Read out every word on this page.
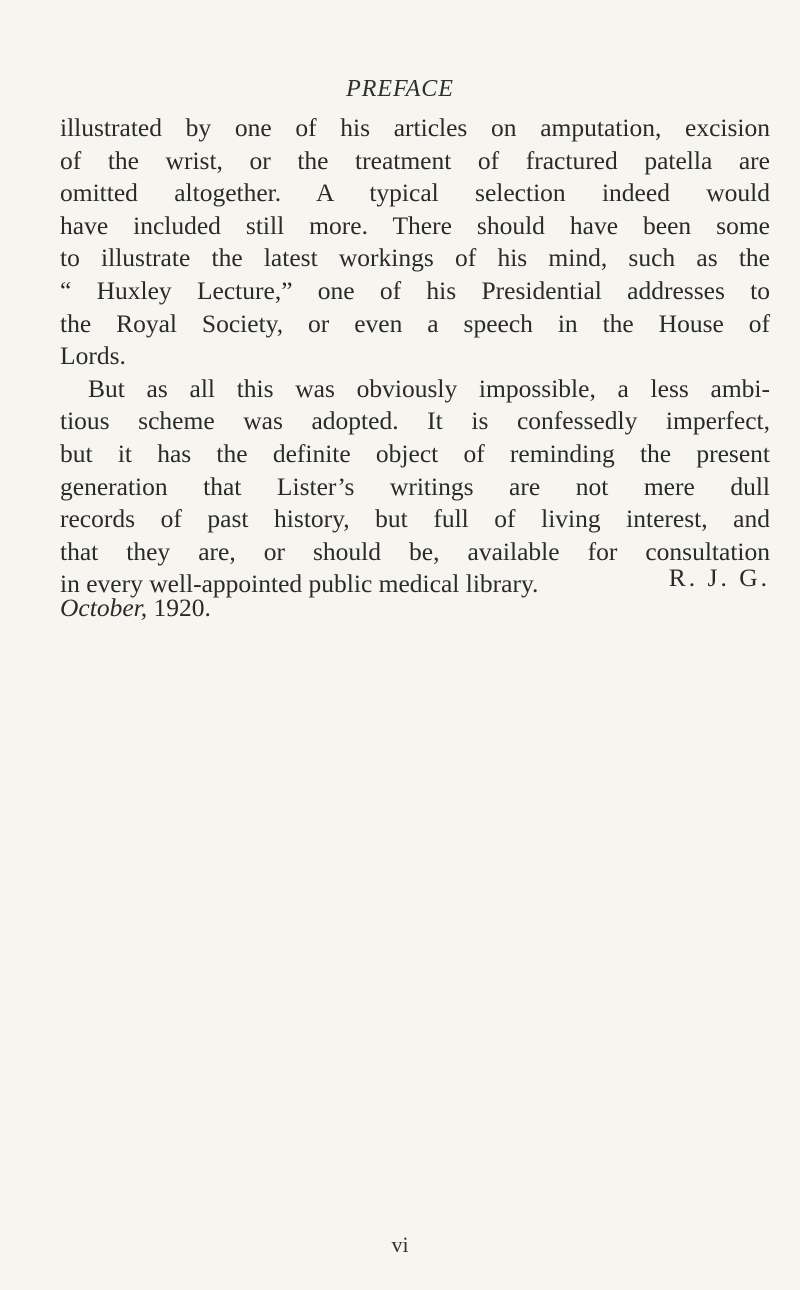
PREFACE
illustrated by one of his articles on amputation, excision
of the wrist, or the treatment of fractured patella are
omitted altogether. A typical selection indeed would
have included still more. There should have been some
to illustrate the latest workings of his mind, such as the
“ Huxley Lecture,” one of his Presidential addresses to
the Royal Society, or even a speech in the House of
Lords.
But as all this was obviously impossible, a less ambi-
tious scheme was adopted. It is confessedly imperfect,
but it has the definite object of reminding the present
generation that Lister’s writings are not mere dull
records of past history, but full of living interest, and
that they are, or should be, available for consultation
in every well-appointed public medical library.	R. J. G.
October, 1920.
vi
